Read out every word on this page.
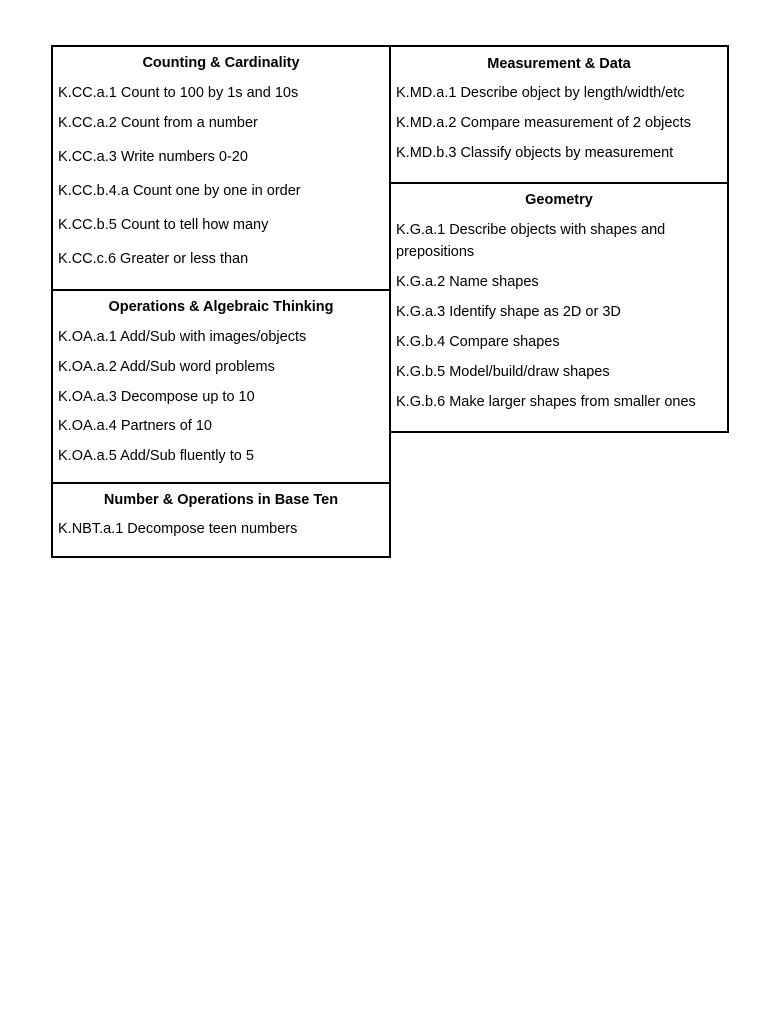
Counting & Cardinality
K.CC.a.1 Count to 100 by 1s and 10s
K.CC.a.2 Count from a number
K.CC.a.3 Write numbers 0-20
K.CC.b.4.a Count one by one in order
K.CC.b.5 Count to tell how many
K.CC.c.6 Greater or less than
Operations & Algebraic Thinking
K.OA.a.1 Add/Sub with images/objects
K.OA.a.2 Add/Sub word problems
K.OA.a.3 Decompose up to 10
K.OA.a.4 Partners of 10
K.OA.a.5 Add/Sub fluently to 5
Number & Operations in Base Ten
K.NBT.a.1 Decompose teen numbers
Measurement & Data
K.MD.a.1 Describe object by length/width/etc
K.MD.a.2 Compare measurement of 2 objects
K.MD.b.3 Classify objects by measurement
Geometry
K.G.a.1 Describe objects with shapes and prepositions
K.G.a.2 Name shapes
K.G.a.3 Identify shape as 2D or 3D
K.G.b.4 Compare shapes
K.G.b.5 Model/build/draw shapes
K.G.b.6 Make larger shapes from smaller ones
